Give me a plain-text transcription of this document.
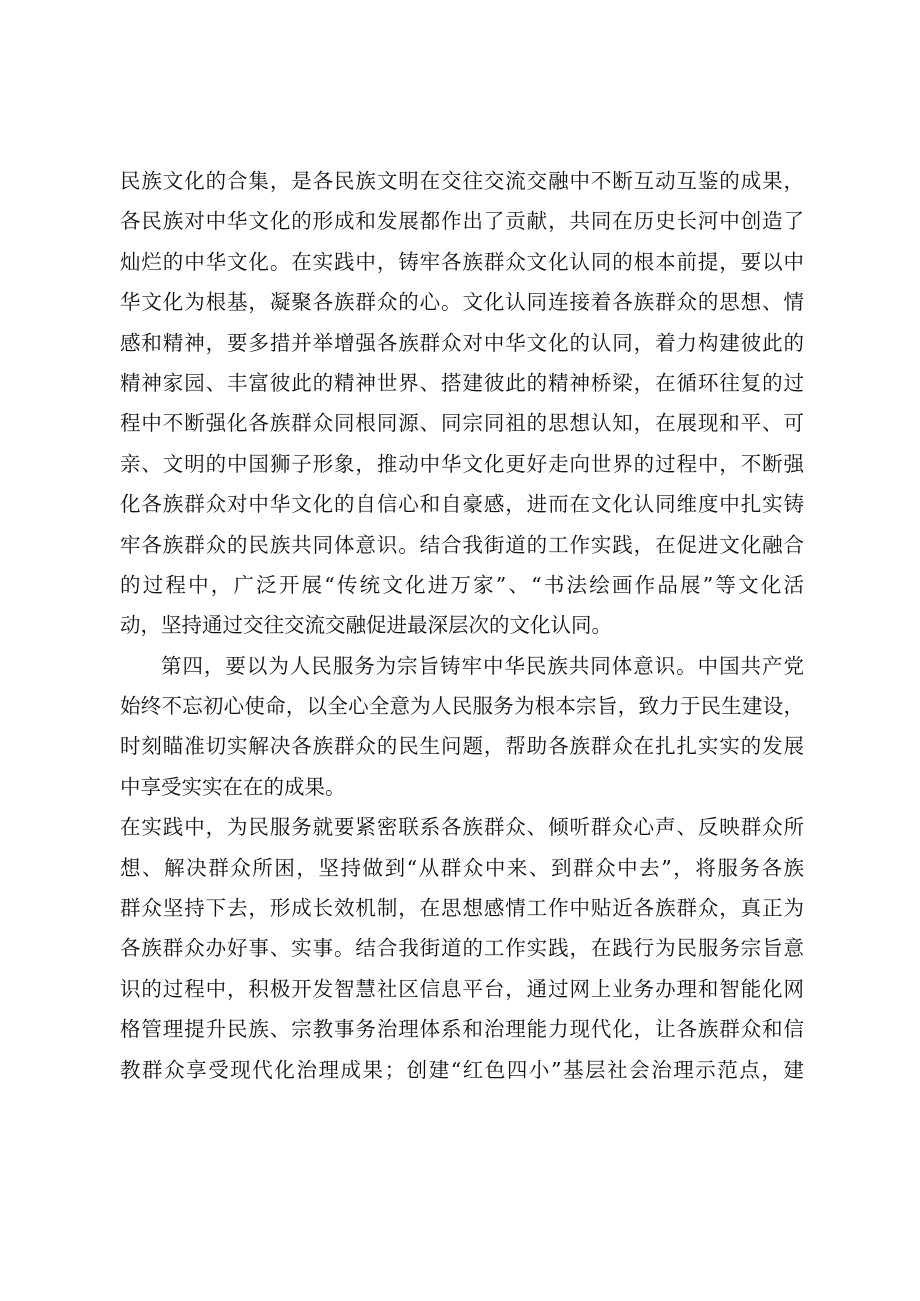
民族文化的合集，是各民族文明在交往交流交融中不断互动互鉴的成果，
各民族对中华文化的形成和发展都作出了贡献，共同在历史长河中创造了
灿烂的中华文化。在实践中，铸牢各族群众文化认同的根本前提，要以中
华文化为根基，凝聚各族群众的心。文化认同连接着各族群众的思想、情
感和精神，要多措并举增强各族群众对中华文化的认同，着力构建彼此的
精神家园、丰富彼此的精神世界、搭建彼此的精神桥梁，在循环往复的过
程中不断强化各族群众同根同源、同宗同祖的思想认知，在展现和平、可
亲、文明的中国狮子形象，推动中华文化更好走向世界的过程中，不断强
化各族群众对中华文化的自信心和自豪感，进而在文化认同维度中扎实铸
牢各族群众的民族共同体意识。结合我街道的工作实践，在促进文化融合
的过程中，广泛开展“传统文化进万家”、“书法绘画作品展”等文化活
动，坚持通过交往交流交融促进最深层次的文化认同。
第四，要以为人民服务为宗旨铸牢中华民族共同体意识。中国共产党
始终不忘初心使命，以全心全意为人民服务为根本宗旨，致力于民生建设，
时刻瞄准切实解决各族群众的民生问题，帮助各族群众在扎扎实实的发展
中享受实实在在的成果。
在实践中，为民服务就要紧密联系各族群众、倾听群众心声、反映群众所
想、解决群众所困，坚持做到“从群众中来、到群众中去”，将服务各族
群众坚持下去，形成长效机制，在思想感情工作中贴近各族群众，真正为
各族群众办好事、实事。结合我街道的工作实践，在践行为民服务宗旨意
识的过程中，积极开发智慧社区信息平台，通过网上业务办理和智能化网
格管理提升民族、宗教事务治理体系和治理能力现代化，让各族群众和信
教群众享受现代化治理成果；创建“红色四小”基层社会治理示范点，建
